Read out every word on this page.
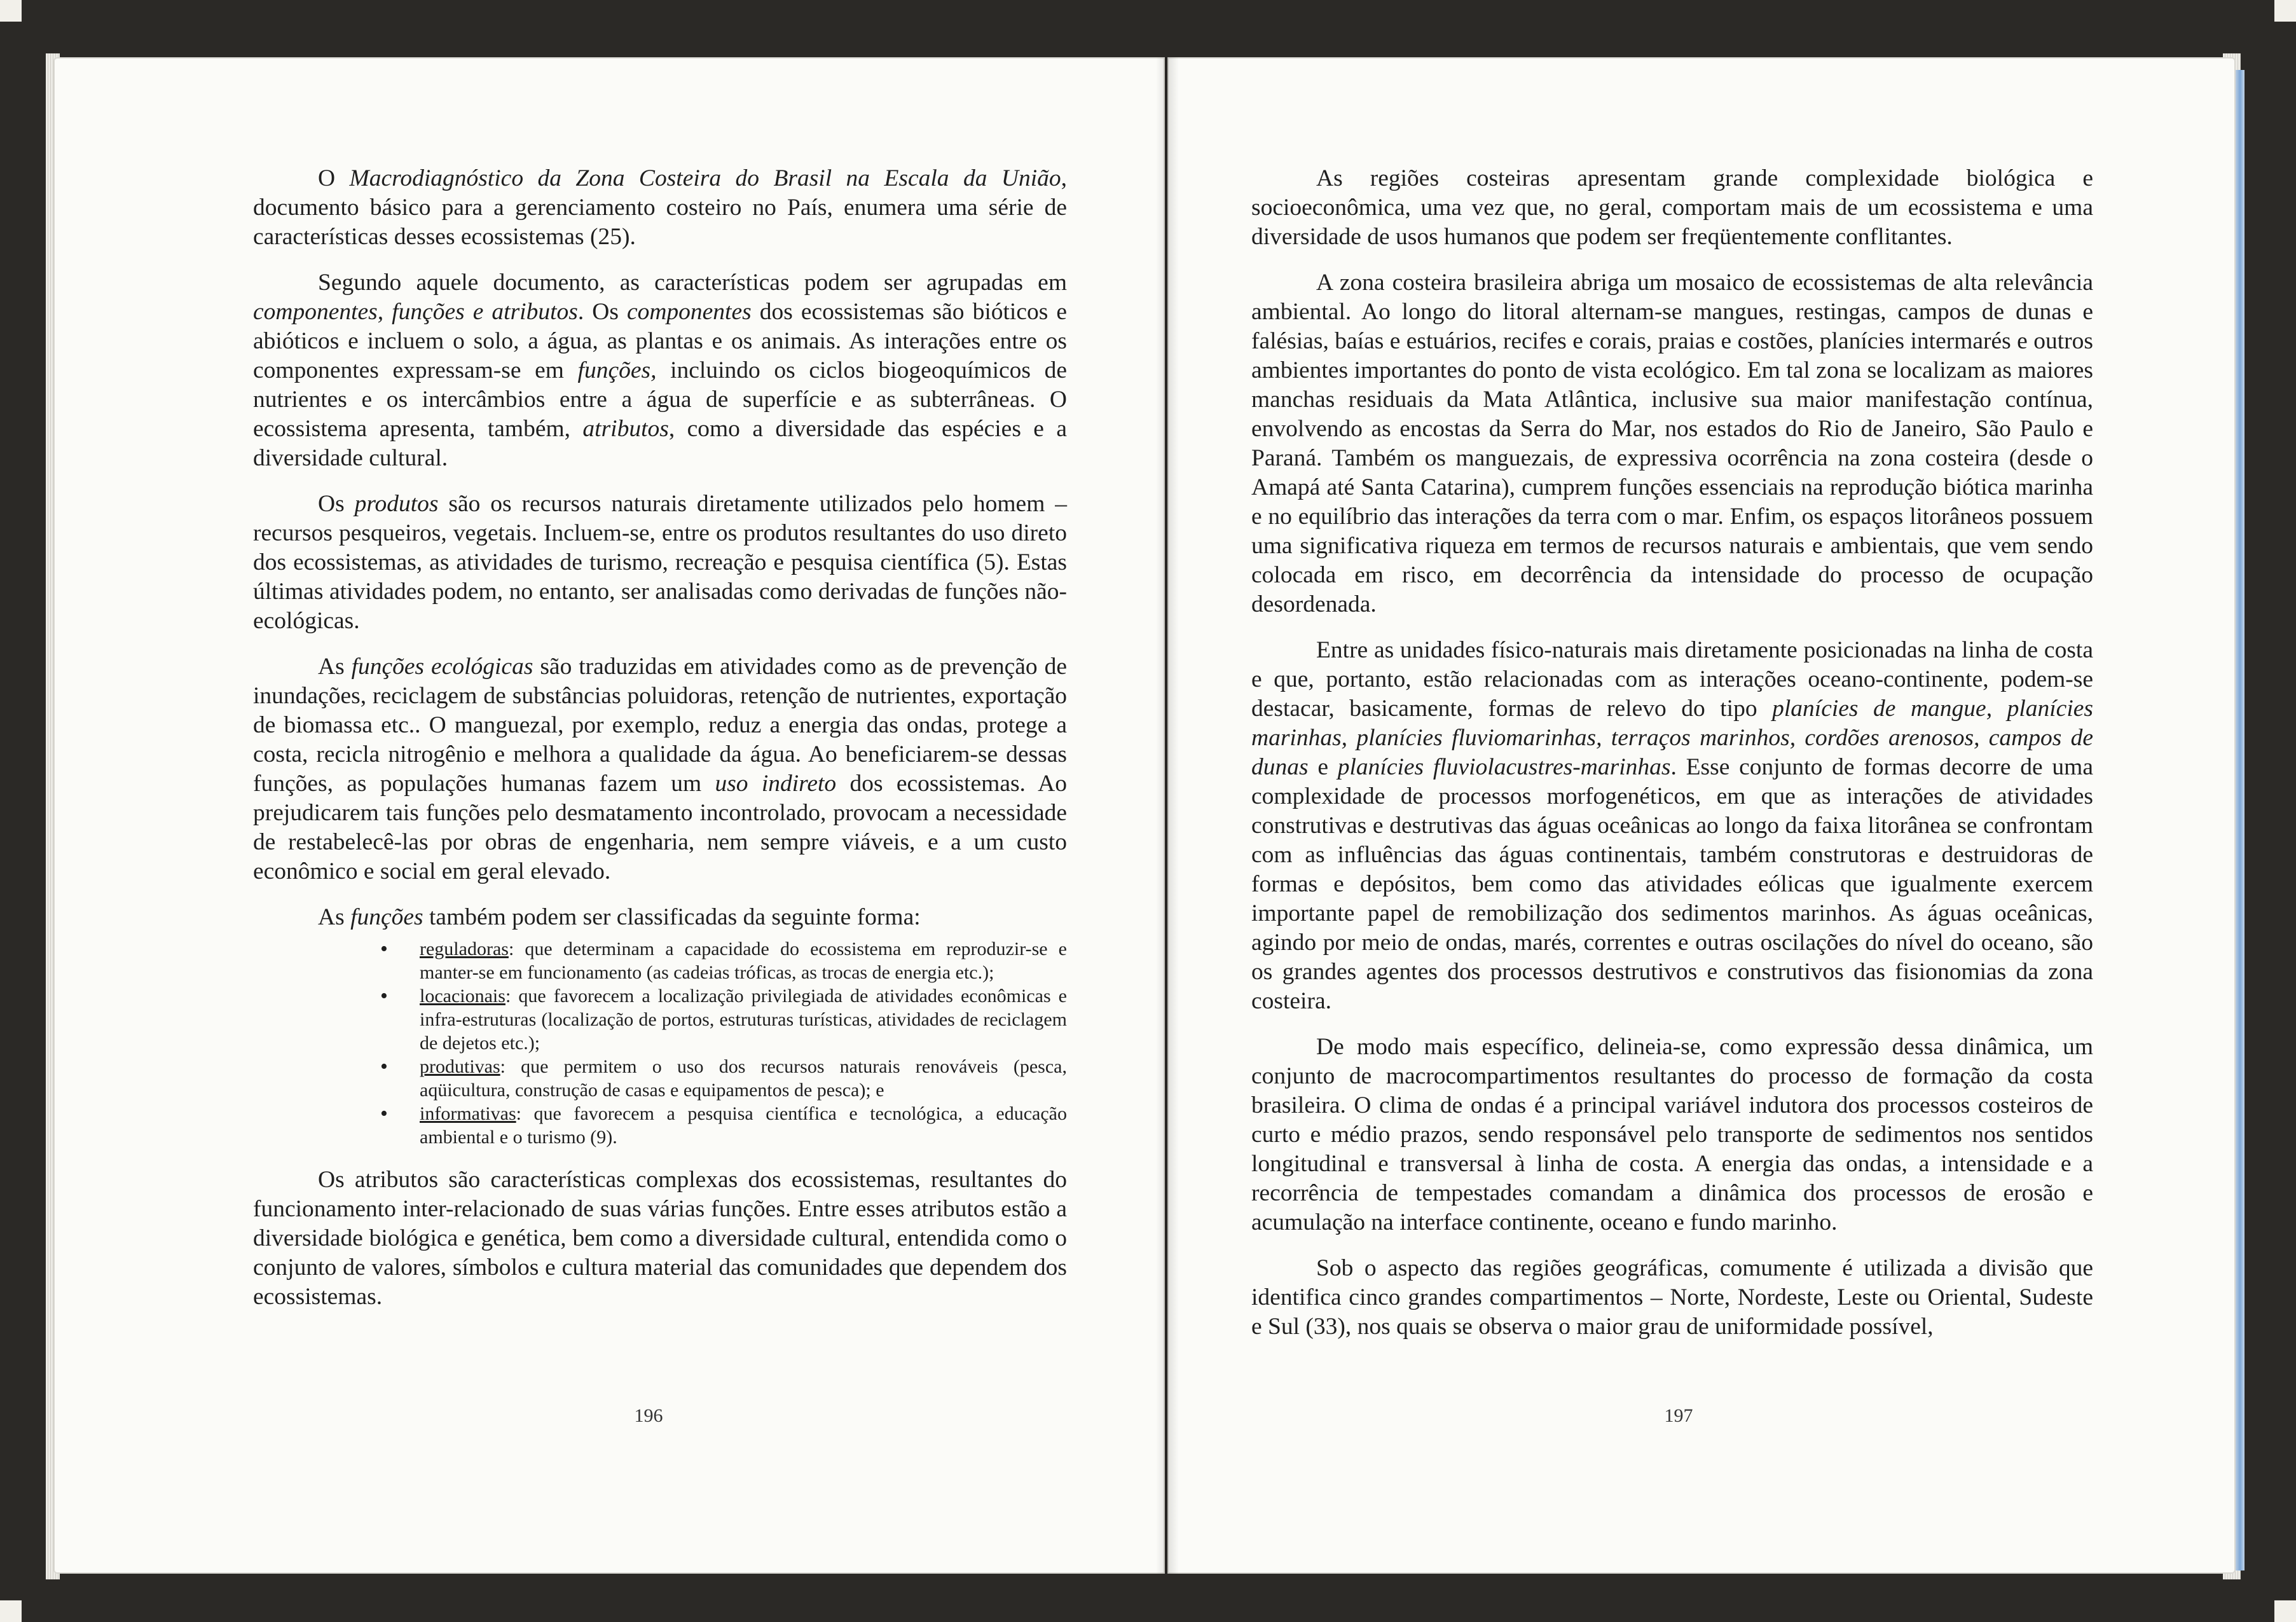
O Macrodiagnóstico da Zona Costeira do Brasil na Escala da União, documento básico para a gerenciamento costeiro no País, enumera uma série de características desses ecossistemas (25).

Segundo aquele documento, as características podem ser agrupadas em componentes, funções e atributos. Os componentes dos ecossistemas são bióticos e abióticos e incluem o solo, a água, as plantas e os animais. As interações entre os componentes expressam-se em funções, incluindo os ciclos biogeoquímicos de nutrientes e os intercâmbios entre a água de superfície e as subterrâneas. O ecossistema apresenta, também, atributos, como a diversidade das espécies e a diversidade cultural.

Os produtos são os recursos naturais diretamente utilizados pelo homem – recursos pesqueiros, vegetais. Incluem-se, entre os produtos resultantes do uso direto dos ecossistemas, as atividades de turismo, recreação e pesquisa científica (5). Estas últimas atividades podem, no entanto, ser analisadas como derivadas de funções não-ecológicas.

As funções ecológicas são traduzidas em atividades como as de prevenção de inundações, reciclagem de substâncias poluidoras, retenção de nutrientes, exportação de biomassa etc.. O manguezal, por exemplo, reduz a energia das ondas, protege a costa, recicla nitrogênio e melhora a qualidade da água. Ao beneficiarem-se dessas funções, as populações humanas fazem um uso indireto dos ecossistemas. Ao prejudicarem tais funções pelo desmatamento incontrolado, provocam a necessidade de restabelecê-las por obras de engenharia, nem sempre viáveis, e a um custo econômico e social em geral elevado.

As funções também podem ser classificadas da seguinte forma:

• reguladoras: que determinam a capacidade do ecossistema em reproduzir-se e manter-se em funcionamento (as cadeias tróficas, as trocas de energia etc.);
• locacionais: que favorecem a localização privilegiada de atividades econômicas e infra-estruturas (localização de portos, estruturas turísticas, atividades de reciclagem de dejetos etc.);
• produtivas: que permitem o uso dos recursos naturais renováveis (pesca, aqüicultura, construção de casas e equipamentos de pesca); e
• informativas: que favorecem a pesquisa científica e tecnológica, a educação ambiental e o turismo (9).

Os atributos são características complexas dos ecossistemas, resultantes do funcionamento inter-relacionado de suas várias funções. Entre esses atributos estão a diversidade biológica e genética, bem como a diversidade cultural, entendida como o conjunto de valores, símbolos e cultura material das comunidades que dependem dos ecossistemas.

196

As regiões costeiras apresentam grande complexidade biológica e socioeconômica, uma vez que, no geral, comportam mais de um ecossistema e uma diversidade de usos humanos que podem ser freqüentemente conflitantes.

A zona costeira brasileira abriga um mosaico de ecossistemas de alta relevância ambiental. Ao longo do litoral alternam-se mangues, restingas, campos de dunas e falésias, baías e estuários, recifes e corais, praias e costões, planícies intermarés e outros ambientes importantes do ponto de vista ecológico. Em tal zona se localizam as maiores manchas residuais da Mata Atlântica, inclusive sua maior manifestação contínua, envolvendo as encostas da Serra do Mar, nos estados do Rio de Janeiro, São Paulo e Paraná. Também os manguezais, de expressiva ocorrência na zona costeira (desde o Amapá até Santa Catarina), cumprem funções essenciais na reprodução biótica marinha e no equilíbrio das interações da terra com o mar. Enfim, os espaços litorâneos possuem uma significativa riqueza em termos de recursos naturais e ambientais, que vem sendo colocada em risco, em decorrência da intensidade do processo de ocupação desordenada.

Entre as unidades físico-naturais mais diretamente posicionadas na linha de costa e que, portanto, estão relacionadas com as interações oceano-continente, podem-se destacar, basicamente, formas de relevo do tipo planícies de mangue, planícies marinhas, planícies fluviomarinhas, terraços marinhos, cordões arenosos, campos de dunas e planícies fluviolacustres-marinhas. Esse conjunto de formas decorre de uma complexidade de processos morfogenéticos, em que as interações de atividades construtivas e destrutivas das águas oceânicas ao longo da faixa litorânea se confrontam com as influências das águas continentais, também construtoras e destruidoras de formas e depósitos, bem como das atividades eólicas que igualmente exercem importante papel de remobilização dos sedimentos marinhos. As águas oceânicas, agindo por meio de ondas, marés, correntes e outras oscilações do nível do oceano, são os grandes agentes dos processos destrutivos e construtivos das fisionomias da zona costeira.

De modo mais específico, delineia-se, como expressão dessa dinâmica, um conjunto de macrocompartimentos resultantes do processo de formação da costa brasileira. O clima de ondas é a principal variável indutora dos processos costeiros de curto e médio prazos, sendo responsável pelo transporte de sedimentos nos sentidos longitudinal e transversal à linha de costa. A energia das ondas, a intensidade e a recorrência de tempestades comandam a dinâmica dos processos de erosão e acumulação na interface continente, oceano e fundo marinho.

Sob o aspecto das regiões geográficas, comumente é utilizada a divisão que identifica cinco grandes compartimentos – Norte, Nordeste, Leste ou Oriental, Sudeste e Sul (33), nos quais se observa o maior grau de uniformidade possível,

197
